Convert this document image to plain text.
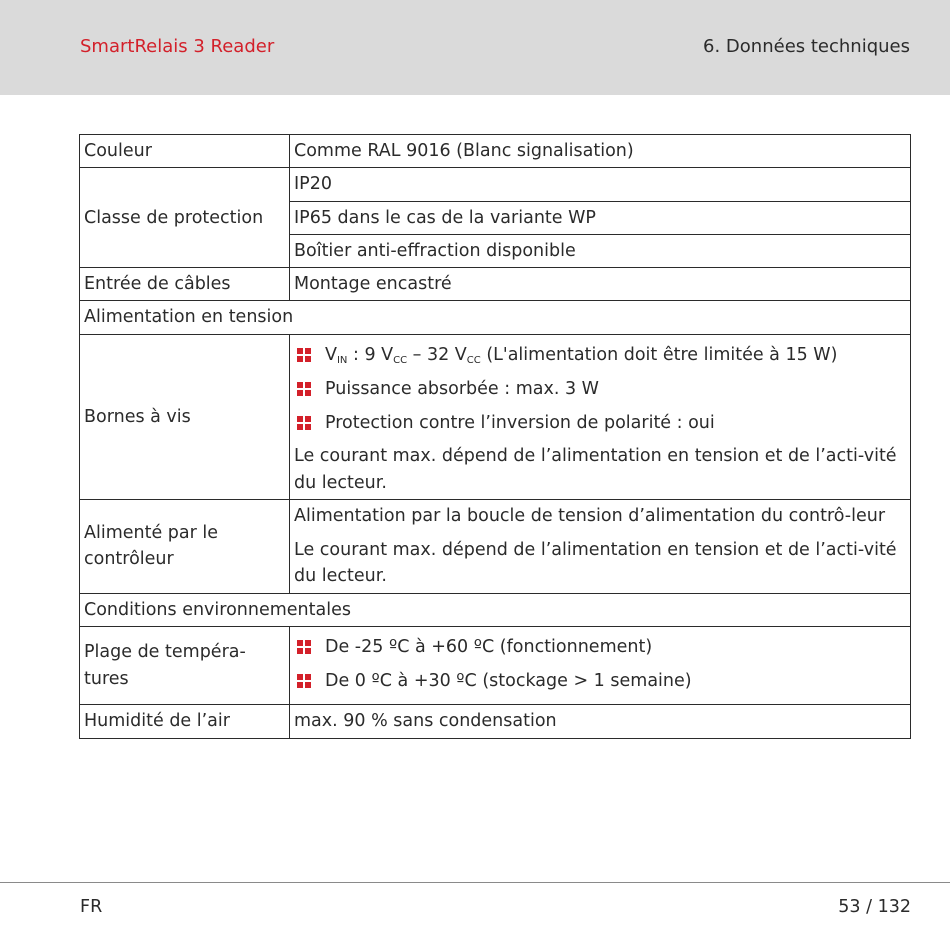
SmartRelais 3 Reader	6. Données techniques
Couleur	Comme RAL 9016 (Blanc signalisation)
Classe de protection	IP20
	IP65 dans le cas de la variante WP
	Boîtier anti-effraction disponible
Entrée de câbles	Montage encastré
Alimentation en tension	
Bornes à vis	$V_{IN}$ : 9 $V_{CC} - 32$ $V_{CC}$ (L'alimentation doit être limitée à 15 W)
Puissance absorbée : max. 3 W
Protection contre l’inversion de polarité : oui

Le courant max. dépend de l’alimentation en tension et de l’acti-vité du lecteur.

Alimenté par le contrôleur	Alimentation par la boucle de tension d’alimentation du contrô-leur

Le courant max. dépend de l’alimentation en tension et de l’acti-vité du lecteur.

Conditions environnementales	
Plage de tempéra-tures	De -25 ºC à +60 ºC (fonctionnement)
De 0 ºC à +30 ºC (stockage > 1 semaine)

Humidité de l’air	max. 90 % sans condensation
FR	53 / 132
